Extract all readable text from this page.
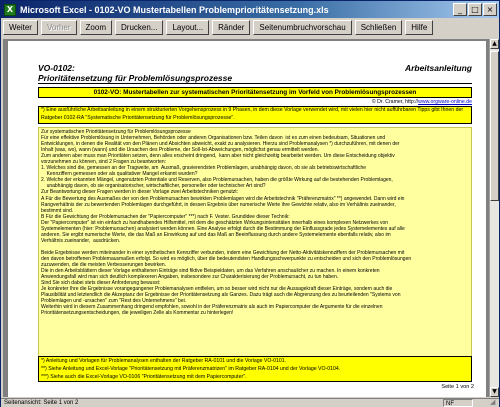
X Microsoft Excel - 0102-VO Mustertabellen Problemprioritätensetzung.xls	_	□ ×
Weiter	Vorher	Zoom	Drucken...	Layout...	Ränder	Seitenumbruchvorschau	Schließen	Hilfe
VO-0102:
Prioritätensetzung für Problemlösungsprozesse
Arbeitsanleitung
0102-VO: Mustertabellen zur systematischen Prioritätensetzung im Vorfeld von Problemlösungsprozessen
© Dr. Cramer, http://www.orgware-online.de
*) Eine ausführliche Arbeitsanleitung in einem strukturierten Vorgehensprozess in 9 Phasen, in dem diese Vorlage verwendet wird, mit vielen hier nicht aufführbaren Tipps gibt Ihnen der Ratgeber 0102-RA "Systematische Prioritätensetzung für Problemlösungsprozesse".
Zur systematischen Prioritätensetzung für Problemlösungsprozesse
Für eine effektive Problemlösung in Unternehmen, Behörden oder anderen Organisationen bzw. Teilen davon  ist es zum einen bedeutsam, Situationen und
Entwicklungen, in denen die Realität von den Plänen und Absichten abweicht, exakt zu analysieren. Hierzu sind Problemanalysen *) durchzuführen, mit denen der
Inhalt (was, wo), wann (wann) und die Ursachen des Probleme, der Soll-Ist-Abweichungen, möglichst genau ermittelt werden.
Zum anderen aber muss man Prioritäten setzen, denn alles erscheint dringend,  kann aber nicht gleichzeitig bearbeitet werden. Um diese Entscheidung objektiv
vorzunehmen zu können, sind 2 Fragen zu beantworten:
1. Welches sind die, gemessen an der Tragweite, am  Ausmaß, gravierendsten Problemlagen, unabhängig davon, ob sie als betriebswirtschaftliche
Kennziffern gemessen oder als qualitativer Mangel erkannt wurden?
2. Welche der erkannten Mängel, ungenutzten Potentiale und Reserven, also Problemursachen, haben die größte Wirkung auf die bestehenden Problemlagen,
unabhängig davon, ob sie organisatorischer, wirtschaftlicher, personeller oder technischer Art sind?
Zur Beantwortung dieser Fragen werden in dieser Vorlage zwei Arbeitstechniken genutzt:
A Für die Bewertung des Ausmaßes der von den Problemursachen bewirkten Problemlagen wird die Arbeitstechnik "Präferenzmatrix" **) angewendet. Dann wird ein
Rangverhältnis der zu bewertenden Problemlagen durchgeführt, in dessen Ergebnis über numerische Werte ihre Gewichte relativ, also im Verhältnis zueinander,
bestimmt sind.
B Für die Gewichtung der Problemursachen der "Papiercomputer" ***) nach F. Vester. Grundidee dieser Technik:
Der "Papiercomputer" ist ein einfach zu handhabendes Hilfsmittel, mit dem die geschätzten Wirkungsintensitäten innerhalb eines komplexen Netzwerkes von
Systemelementen (hier: Problemursachen) analysiert werden können. Eine Analyse erfolgt durch die Bestimmung der Einflussgrade jedes Systemelementes auf alle
anderen. Sie ergibt numerische Werte, die das Maß an Einwirkung auf und das Maß an Beeinflussung durch andere Systemelemente ebenfalls relativ, also im
Verhältnis zueinander,  ausdrücken.

Beide Ergebnisse werden miteinander in einer synthetischen Kennziffer verbunden, indem eine Gewichtung der Netto-Aktivitätskennziffern der Problemursachen mit
den davon betroffenen Problemausmaßen erfolgt. So wird es möglich, über die bedeutendsten Handlungsschwerpunkte zu entscheiden und sich den Problemlösungen
zuzuwenden, die die meisten Verbesserungen bewirken.
Die in den Arbeitsblättern dieser Vorlage enthaltenen Einträge sind fiktive Beispieldaten, um das Verfahren anschaulicher zu machen. In einem konkreten
Anwendungsfall wird man sich deutlich komplexeren Angaben, insbesondere zur Charakterisierung der Problemursacht, zu tun haben.
Sind Sie sich dabei stets dieser Anforderung bewusst:
Je konkreter Ihre die Ergebnisse vorangegangener Problemanalysen entfielen, um so besser wird nicht nur die Aussagekraft dieser Einträge, sondern auch die
Plausibilität und letztendlich die Akzeptanz der Ergebnisse der Prioritätensetzung als Ganzes. Dazu trägt auch die Abgrenzung des zu beurteilenden "Systems von
Problemlagen und -ursachen" zum "Rest des Unternehmens" bei.
Weiterhin wird in diesem Zusammenhang dringend empfohlen, sowohl in der Präferenzmatrix als auch im Papiercomputer die Argumente für die einzelnen
Prioritätensetzungsentscheidungen, die jeweiligen Zelle als Kommentar zu hinterlegen!
*) Anleitung und Vorlagen für Problemanalysen enthalten der Ratgeber RA-0101 und die Vorlage VO-0101.
**) Siehe Anleitung und Excel-Vorlage "Prioritätensetzung mit Präferenzmatrizen" im Ratgeber RA-0104 und der Vorlage VO-0104.
***) Siehe auch die Excel-Vorlage VO-0106 "Prioritätensetzung mit dem Papiercomputer".
Seite 1 von 2
▲
▼
Seitenansicht: Seite 1 von 2	NF	◢
